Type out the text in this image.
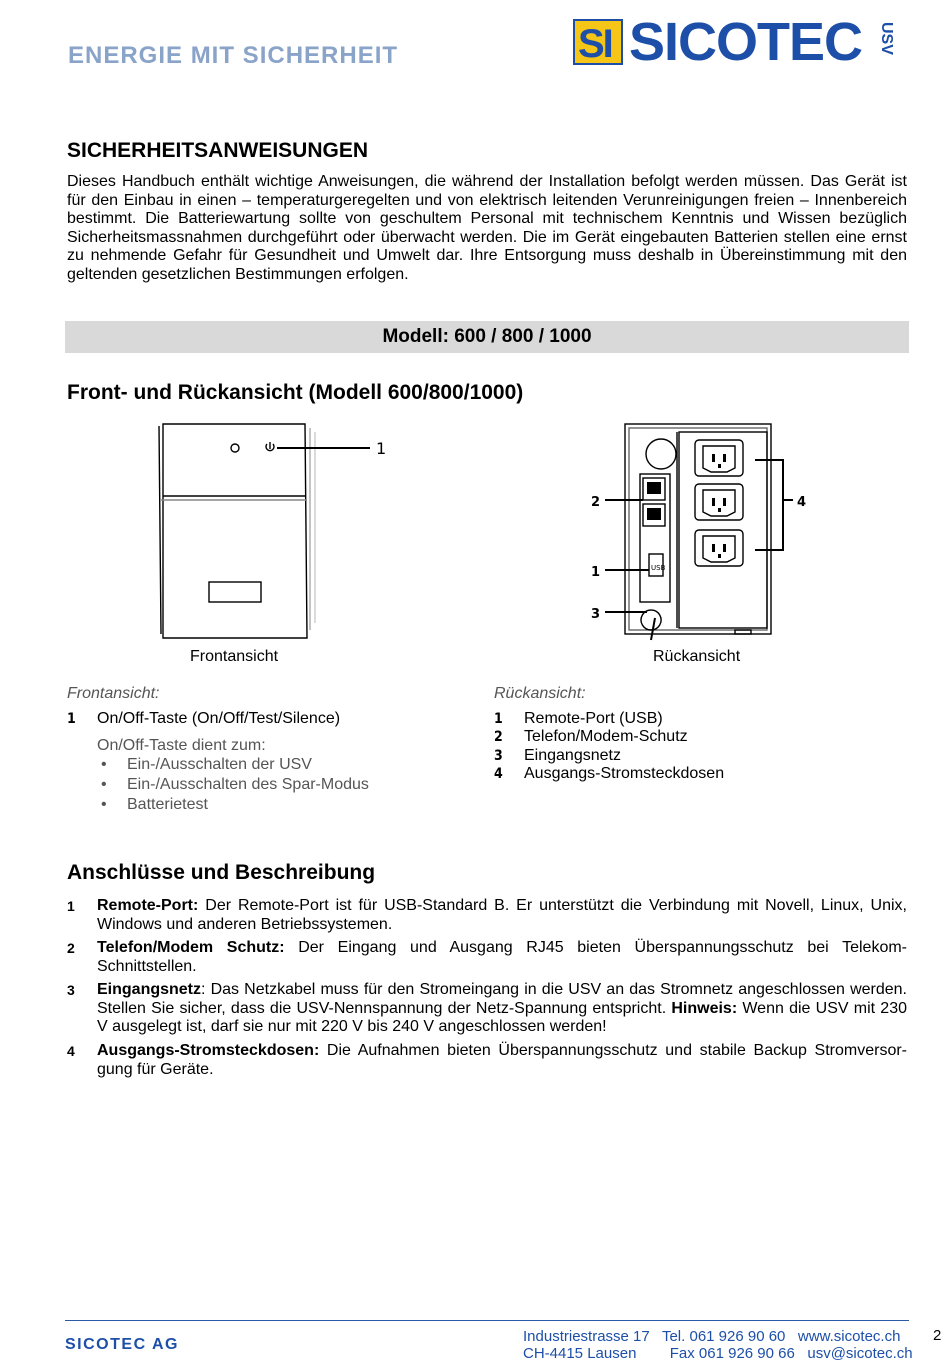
ENERGIE MIT SICHERHEIT	SI SICOTEC USV
SICHERHEITSANWEISUNGEN

Dieses Handbuch enthält wichtige Anweisungen, die während der Installation befolgt werden müssen. Das Gerät ist für den Einbau in einen – temperaturgeregelten und von elektrisch leitenden Verunreinigungen freien – Innenbereich bestimmt. Die Batteriewartung sollte von geschultem Personal mit technischem Kenntnis und Wissen bezüglich Sicherheitsmassnahmen durchgeführt oder überwacht werden. Die im Gerät eingebauten Batterien stellen eine ernst zu nehmende Gefahr für Gesundheit und Umwelt dar. Ihre Entsorgung muss deshalb in Übereinstimmung mit den geltenden gesetzlichen Bestimmungen erfolgen.

Modell: 600 / 800 / 1000
Front- und Rückansicht (Modell 600/800/1000)
1
Frontansicht
USB
2
1
3
4
Rückansicht
Frontansicht:
1 On/Off-Taste (On/Off/Test/Silence)
On/Off-Taste dient zum:
• Ein-/Ausschalten der USV
• Ein-/Ausschalten des Spar-Modus
• Batterietest
Rückansicht:
1 Remote-Port (USB)
2 Telefon/Modem-Schutz
3 Eingangsnetz
4 Ausgangs-Stromsteckdosen
Anschlüsse und Beschreibung
1 Remote-Port: Der Remote-Port ist für USB-Standard B. Er unterstützt die Verbindung mit Novell, Linux, Unix, Windows und anderen Betriebssystemen.
2 Telefon/Modem Schutz: Der Eingang und Ausgang RJ45 bieten Überspannungsschutz bei Telekom-Schnittstellen.
3 Eingangsnetz: Das Netzkabel muss für den Stromeingang in die USV an das Stromnetz angeschlossen werden. Stellen Sie sicher, dass die USV-Nennspannung der Netz-Spannung entspricht. Hinweis: Wenn die USV mit 230 V ausgelegt ist, darf sie nur mit 220 V bis 240 V angeschlossen werden!
4 Ausgangs-Stromsteckdosen: Die Aufnahmen bieten Überspannungsschutz und stabile Backup Stromversor-gung für Geräte.
SICOTEC AG	Industriestrasse 17   Tel. 061 926 90 60   www.sicotec.ch
CH-4415 Lausen        Fax 061 926 90 66   usv@sicotec.ch
2
